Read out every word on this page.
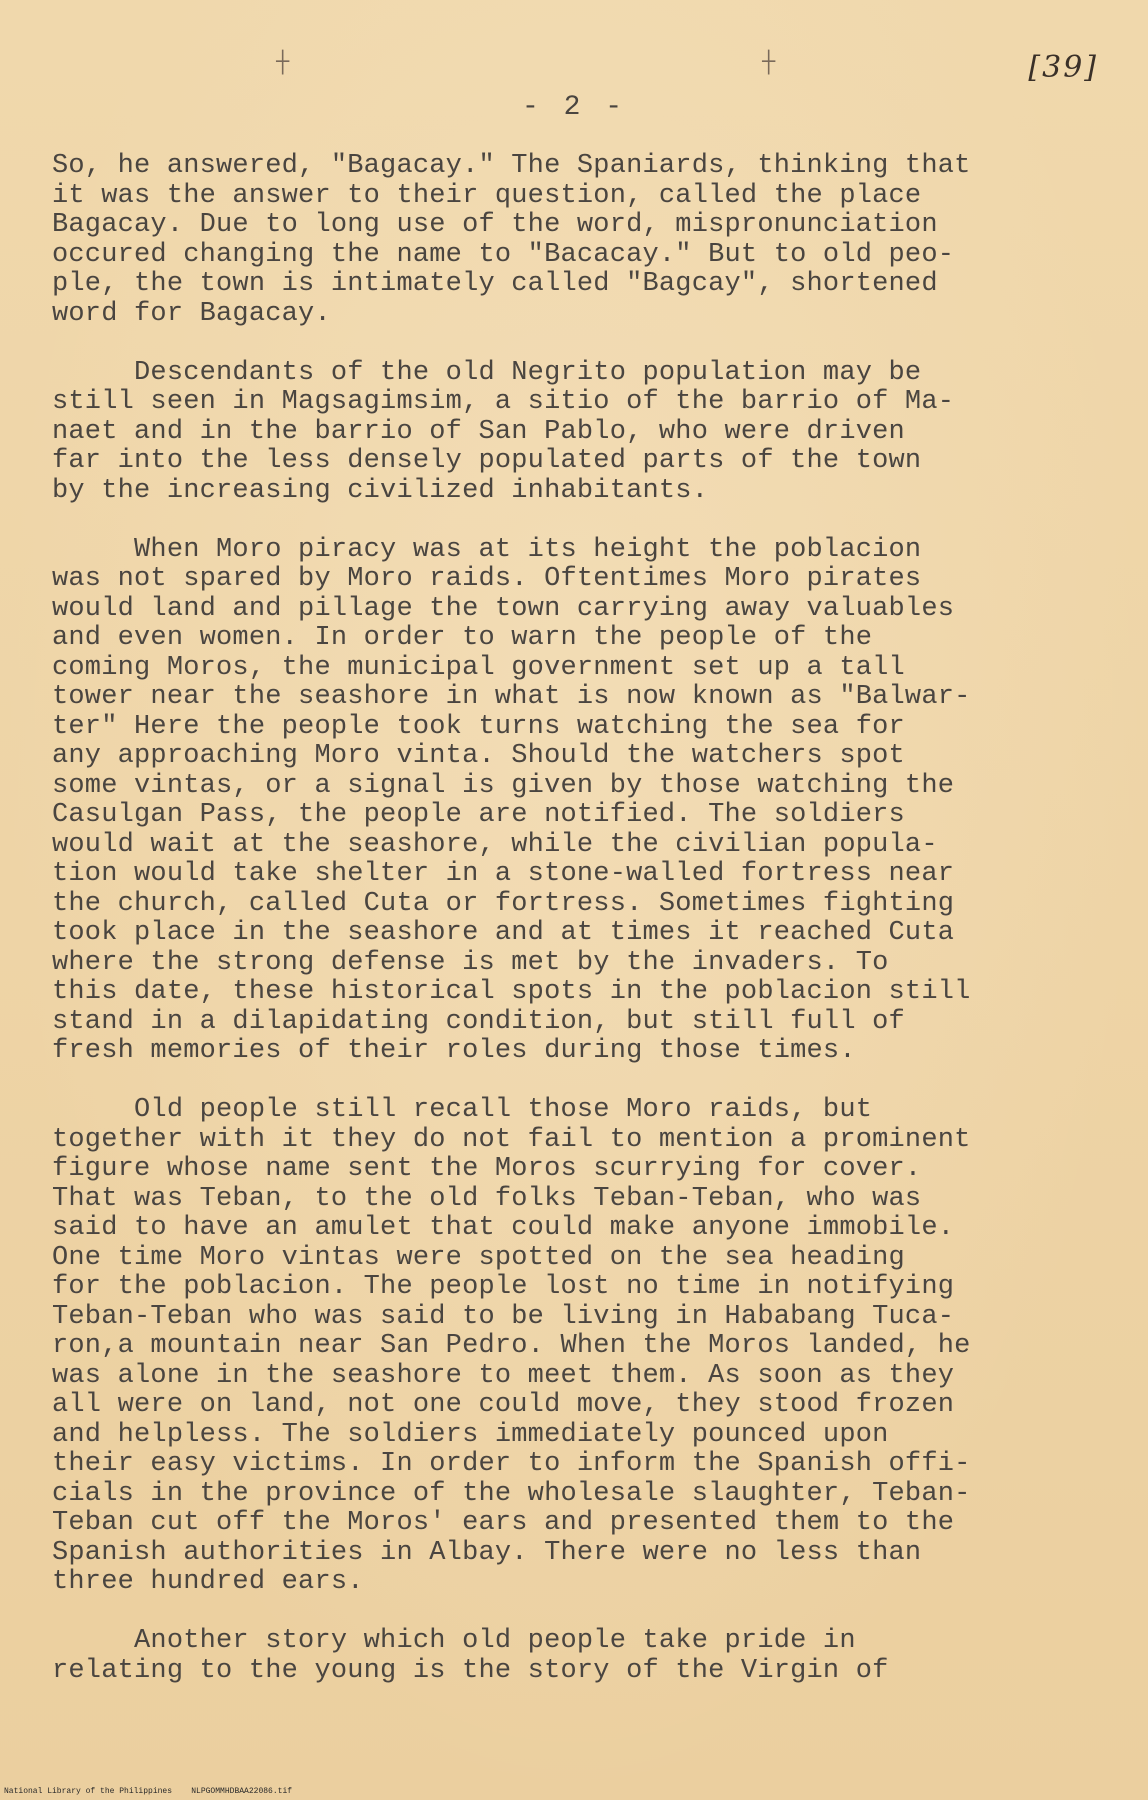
┼	┼	[39]
- 2 -
So, he answered, "Bagacay." The Spaniards, thinking that
it was the answer to their question, called the place
Bagacay. Due to long use of the word, mispronunciation
occured changing the name to "Bacacay." But to old peo-
ple, the town is intimately called "Bagcay", shortened
word for Bagacay.
Descendants of the old Negrito population may be
still seen in Magsagimsim, a sitio of the barrio of Ma-
naet and in the barrio of San Pablo, who were driven
far into the less densely populated parts of the town
by the increasing civilized inhabitants.
When Moro piracy was at its height the poblacion
was not spared by Moro raids. Oftentimes Moro pirates
would land and pillage the town carrying away valuables
and even women. In order to warn the people of the
coming Moros, the municipal government set up a tall
tower near the seashore in what is now known as "Balwar-
ter" Here the people took turns watching the sea for
any approaching Moro vinta. Should the watchers spot
some vintas, or a signal is given by those watching the
Casulgan Pass, the people are notified. The soldiers
would wait at the seashore, while the civilian popula-
tion would take shelter in a stone-walled fortress near
the church, called Cuta or fortress. Sometimes fighting
took place in the seashore and at times it reached Cuta
where the strong defense is met by the invaders. To
this date, these historical spots in the poblacion still
stand in a dilapidating condition, but still full of
fresh memories of their roles during those times.
Old people still recall those Moro raids, but
together with it they do not fail to mention a prominent
figure whose name sent the Moros scurrying for cover.
That was Teban, to the old folks Teban-Teban, who was
said to have an amulet that could make anyone immobile.
One time Moro vintas were spotted on the sea heading
for the poblacion. The people lost no time in notifying
Teban-Teban who was said to be living in Hababang Tuca-
ron,a mountain near San Pedro. When the Moros landed, he
was alone in the seashore to meet them. As soon as they
all were on land, not one could move, they stood frozen
and helpless. The soldiers immediately pounced upon
their easy victims. In order to inform the Spanish offi-
cials in the province of the wholesale slaughter, Teban-
Teban cut off the Moros' ears and presented them to the
Spanish authorities in Albay. There were no less than
three hundred ears.
Another story which old people take pride in
relating to the young is the story of the Virgin of
National Library of the Philippines    NLPGOMMHDBAA22086.tif
